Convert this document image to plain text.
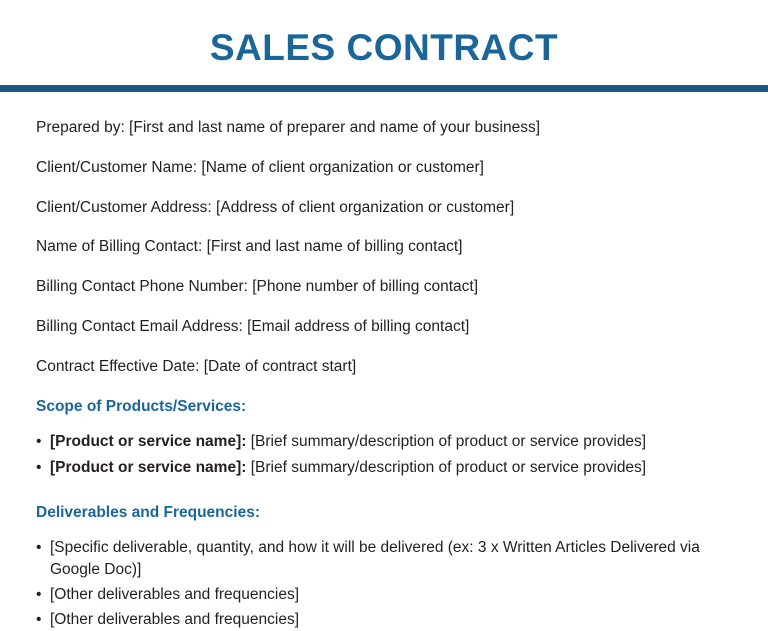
SALES CONTRACT

Prepared by: [First and last name of preparer and name of your business]

Client/Customer Name: [Name of client organization or customer]

Client/Customer Address: [Address of client organization or customer]

Name of Billing Contact: [First and last name of billing contact]

Billing Contact Phone Number: [Phone number of billing contact]

Billing Contact Email Address: [Email address of billing contact]

Contract Effective Date: [Date of contract start]

Scope of Products/Services:
• [Product or service name]: [Brief summary/description of product or service provides]
• [Product or service name]: [Brief summary/description of product or service provides]
Deliverables and Frequencies:
• [Specific deliverable, quantity, and how it will be delivered (ex: 3 x Written Articles Delivered via Google Doc)]
• [Other deliverables and frequencies]
• [Other deliverables and frequencies]
